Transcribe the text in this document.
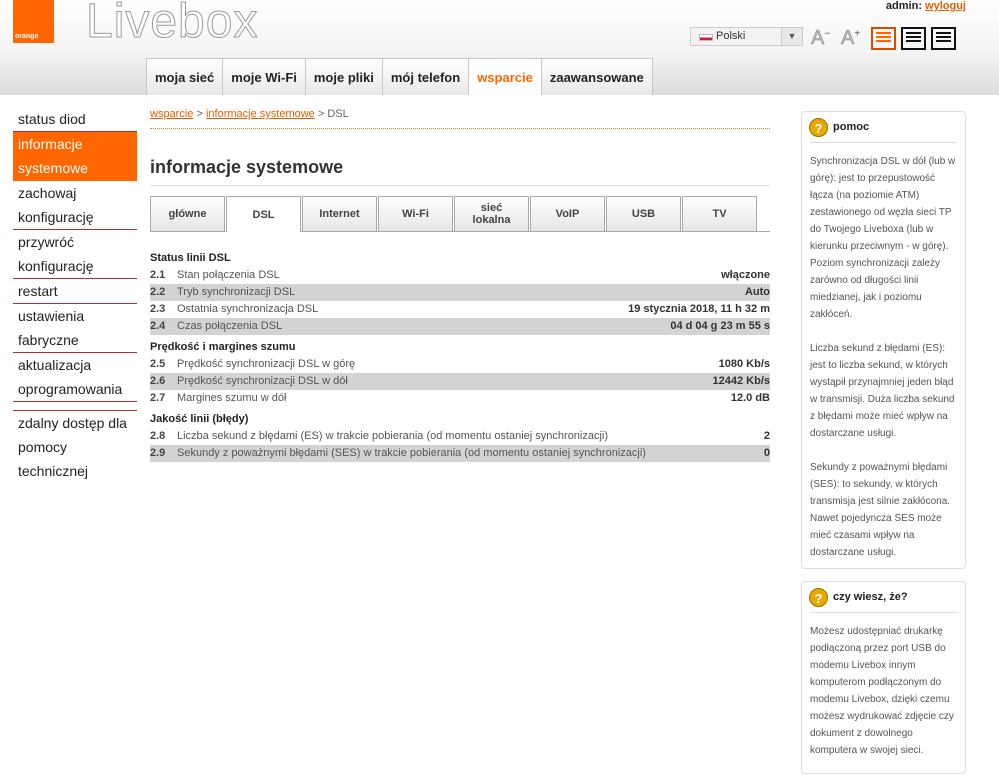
orange Livebox	admin: wyloguj
Polski	▼ A− A+
moja sieć	moje Wi-Fi	moje pliki	mój telefon	wsparcie	zaawansowane
status diod
informacje systemowe
zachowaj konfigurację
przywróć konfigurację
restart
ustawienia fabryczne
aktualizacja oprogramowania
zdalny dostęp dla pomocy technicznej
wsparcie > informacje systemowe > DSL
informacje systemowe
główne	DSL	Internet	Wi-Fi	sieć lokalna	VoIP	USB	TV
Status linii DSL
2.1	Stan połączenia DSL	włączone
2.2	Tryb synchronizacji DSL	Auto
2.3	Ostatnia synchronizacja DSL	19 stycznia 2018, 11 h 32 m
2.4	Czas połączenia DSL	04 d 04 g 23 m 55 s
Prędkość i margines szumu
2.5	Prędkość synchronizacji DSL w górę	1080 Kb/s
2.6	Prędkość synchronizacji DSL w dół	12442 Kb/s
2.7	Margines szumu w dół	12.0 dB
Jakość linii (błędy)
2.8	Liczba sekund z błędami (ES) w trakcie pobierania (od momentu ostaniej synchronizacji)	2
2.9	Sekundy z poważnymi błędami (SES) w trakcie pobierania (od momentu ostaniej synchronizacji)	0
? pomoc

Synchronizacja DSL w dół (lub w górę): jest to przepustowość łącza (na poziomie ATM) zestawionego od węzła sieci TP do Twojego Liveboxa (lub w kierunku przeciwnym - w górę). Poziom synchronizacji zależy zarówno od długości linii miedzianej, jak i poziomu zakłóceń.

Liczba sekund z błędami (ES): jest to liczba sekund, w których wystąpił przynajmniej jeden błąd w transmisji. Duża liczba sekund z błędami może mieć wpływ na dostarczane usługi.

Sekundy z poważnymi błędami (SES): to sekundy, w których transmisja jest silnie zakłócona. Nawet pojedyncza SES może mieć czasami wpływ na dostarczane usługi.

? czy wiesz, że?

Możesz udostępniać drukarkę podłączoną przez port USB do modemu Livebox innym komputerom podłączonym do modemu Livebox, dzięki czemu możesz wydrukować zdjęcie czy dokument z dowolnego komputera w swojej sieci.
